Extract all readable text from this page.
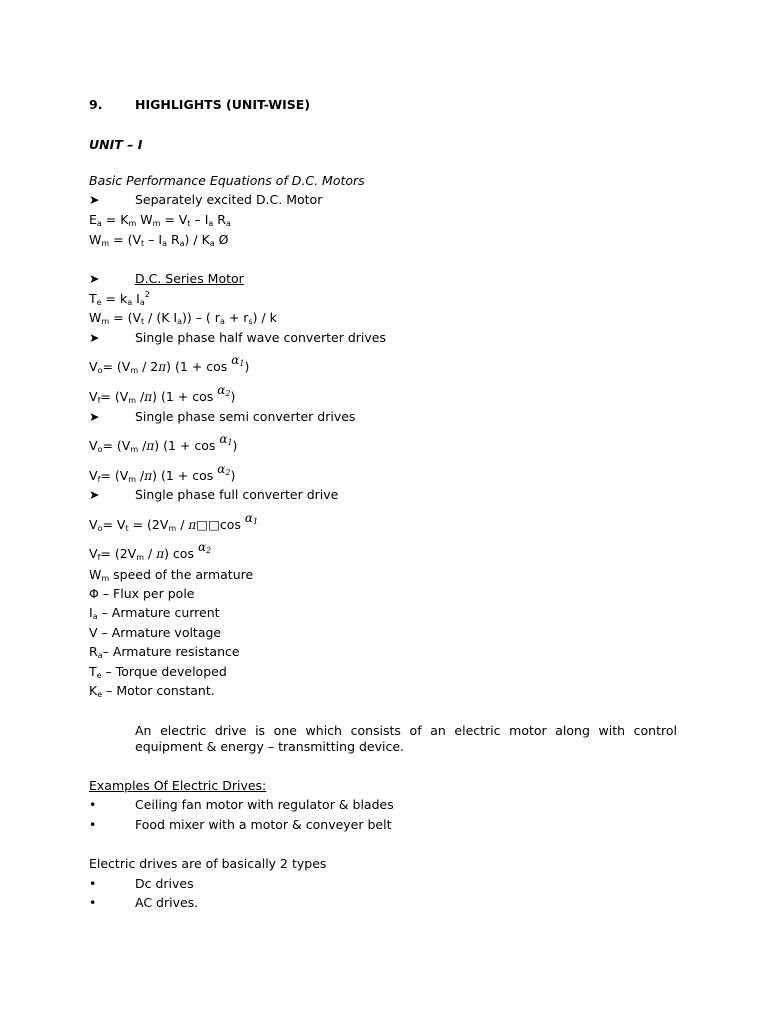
9.	HIGHLIGHTS (UNIT-WISE)
UNIT – I
Basic Performance Equations of D.C. Motors
➤	Separately excited D.C. Motor
$E_a = K_m$ $W_m = V_t - I_a$ $R_a$
$W_m = (V_t - I_a$ $R_a) / K_a$ Ø
➤	D.C. Series Motor
$T_e = k_a$ $I_a^2$
$W_m = (V_t / (K$ $I_a$)) – ( $r_a + r_s) / k$
➤	Single phase half wave converter drives
$V_o= (V_m / 2\pi) (1 + \cos \alpha_1)$
$V_f= (V_m$ /π) $(1 + \cos \alpha_2)$
➤	Single phase semi converter drives
$V_o= (V_m$ /π) $(1 + \cos \alpha_1)$
$V_f= (V_m$ /π) $(1 + \cos \alpha_2)$
➤	Single phase full converter drive
$V_o= V_t = (2V_m$ / π□□cos $\alpha_1$
$V_f= (2V_m / \pi)$ $\cos \alpha_2$
$W_m$ speed of the armature
Φ – Flux per pole
$I_a$ – Armature current
V – Armature voltage
$R_a-$ Armature resistance
$T_e$ – Torque developed
$K_e$ – Motor constant.
An electric drive is one which consists of an electric motor along with control equipment & energy – transmitting device.
Examples Of Electric Drives:
•	Ceiling fan motor with regulator & blades
•	Food mixer with a motor & conveyer belt
Electric drives are of basically 2 types
•	Dc drives
•	AC drives.
